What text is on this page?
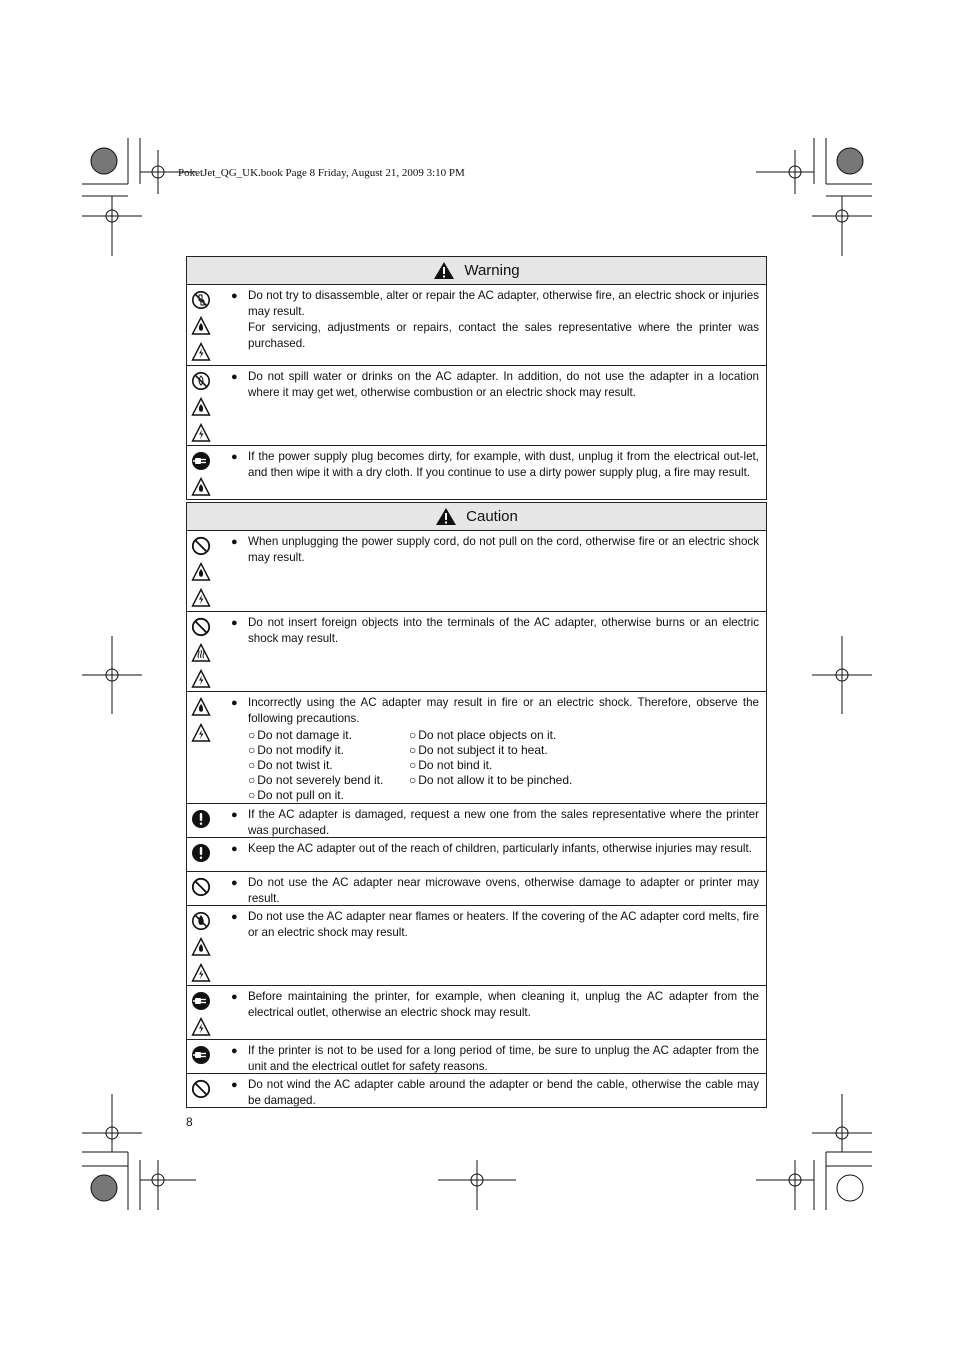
PoketJet_QG_UK.book Page 8 Friday, August 21, 2009 3:10 PM
Warning
● Do not try to disassemble, alter or repair the AC adapter, otherwise fire, an electric shock or injuries may result.

For servicing, adjustments or repairs, contact the sales representative where the printer was purchased.

● Do not spill water or drinks on the AC adapter. In addition, do not use the adapter in a location where it may get wet, otherwise combustion or an electric shock may result.

● If the power supply plug becomes dirty, for example, with dust, unplug it from the electrical out-let, and then wipe it with a dry cloth. If you continue to use a dirty power supply plug, a fire may result.

Caution
● When unplugging the power supply cord, do not pull on the cord, otherwise fire or an electric shock may result.

● Do not insert foreign objects into the terminals of the AC adapter, otherwise burns or an electric shock may result.

● Incorrectly using the AC adapter may result in fire or an electric shock. Therefore, observe the following precautions.

○ Do not damage it.	○ Do not place objects on it.
○ Do not modify it.	○ Do not subject it to heat.
○ Do not twist it.	○ Do not bind it.
○ Do not severely bend it.	○ Do not allow it to be pinched.
○ Do not pull on it.
● If the AC adapter is damaged, request a new one from the sales representative where the printer was purchased.

● Keep the AC adapter out of the reach of children, particularly infants, otherwise injuries may result.

● Do not use the AC adapter near microwave ovens, otherwise damage to adapter or printer may result.

● Do not use the AC adapter near flames or heaters. If the covering of the AC adapter cord melts, fire or an electric shock may result.

● Before maintaining the printer, for example, when cleaning it, unplug the AC adapter from the electrical outlet, otherwise an electric shock may result.

● If the printer is not to be used for a long period of time, be sure to unplug the AC adapter from the unit and the electrical outlet for safety reasons.

● Do not wind the AC adapter cable around the adapter or bend the cable, otherwise the cable may be damaged.

8
